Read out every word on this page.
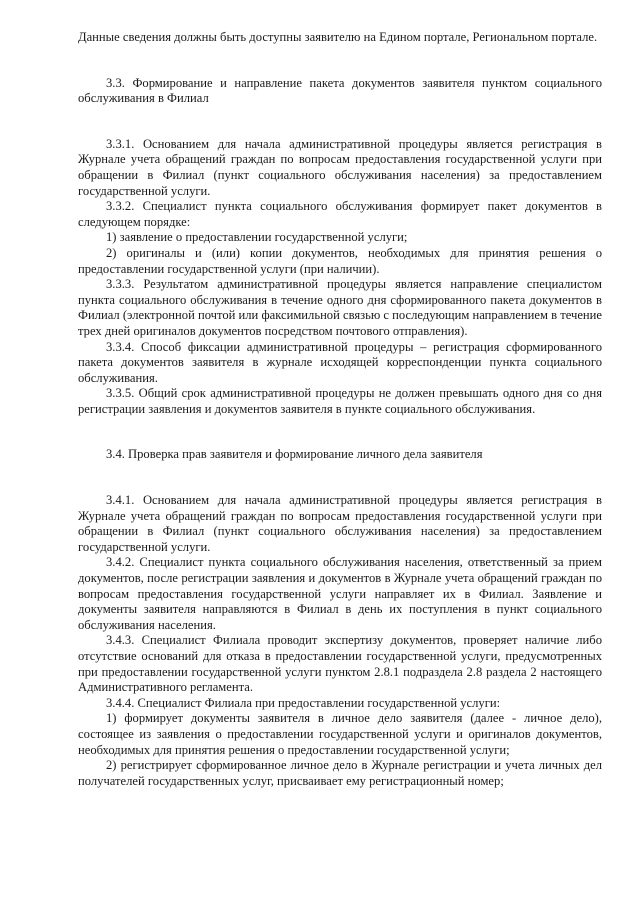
Данные сведения должны быть доступны заявителю на Едином портале, Региональном портале.

3.3. Формирование и направление пакета документов заявителя пунктом социального обслуживания в Филиал

3.3.1. Основанием для начала административной процедуры является регистрация в Журнале учета обращений граждан по вопросам предоставления государственной услуги при обращении в Филиал (пункт социального обслуживания населения) за предоставлением государственной услуги.

3.3.2. Специалист пункта социального обслуживания формирует пакет документов в следующем порядке:

1) заявление о предоставлении государственной услуги;

2) оригиналы и (или) копии документов, необходимых для принятия решения о предоставлении государственной услуги (при наличии).

3.3.3. Результатом административной процедуры является направление специалистом пункта социального обслуживания в течение одного дня сформированного пакета документов в Филиал (электронной почтой или факсимильной связью с последующим направлением в течение трех дней оригиналов документов посредством почтового отправления).

3.3.4. Способ фиксации административной процедуры – регистрация сформированного пакета документов заявителя в журнале исходящей корреспонденции пункта социального обслуживания.

3.3.5. Общий срок административной процедуры не должен превышать одного дня со дня регистрации заявления и документов заявителя в пункте социального обслуживания.

3.4. Проверка прав заявителя и формирование личного дела заявителя

3.4.1. Основанием для начала административной процедуры является регистрация в Журнале учета обращений граждан по вопросам предоставления государственной услуги при обращении в Филиал (пункт социального обслуживания населения) за предоставлением государственной услуги.

3.4.2. Специалист пункта социального обслуживания населения, ответственный за прием документов, после регистрации заявления и документов в Журнале учета обращений граждан по вопросам предоставления государственной услуги направляет их в Филиал. Заявление и документы заявителя направляются в Филиал в день их поступления в пункт социального обслуживания населения.

3.4.3. Специалист Филиала проводит экспертизу документов, проверяет наличие либо отсутствие оснований для отказа в предоставлении государственной услуги, предусмотренных при предоставлении государственной услуги пунктом 2.8.1 подраздела 2.8 раздела 2 настоящего Административного регламента.

3.4.4. Специалист Филиала при предоставлении государственной услуги:

1) формирует документы заявителя в личное дело заявителя (далее - личное дело), состоящее из заявления о предоставлении государственной услуги и оригиналов документов, необходимых для принятия решения о предоставлении государственной услуги;

2) регистрирует сформированное личное дело в Журнале регистрации и учета личных дел получателей государственных услуг, присваивает ему регистрационный номер;
